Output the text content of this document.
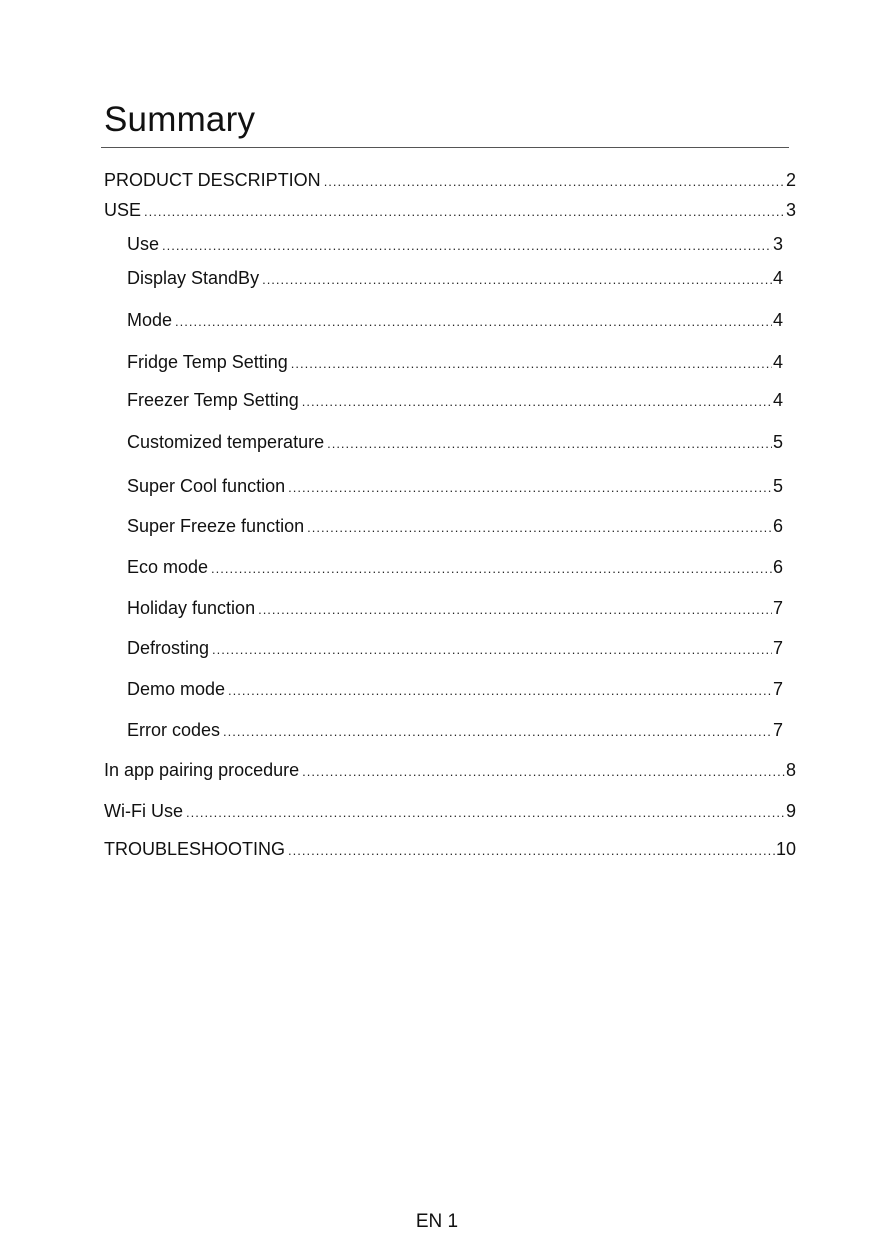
Summary
PRODUCT DESCRIPTION .....	2
USE .....	3
Use .....	3
Display StandBy .....	4
Mode .....	4
Fridge Temp Setting .....	4
Freezer Temp Setting .....	4
Customized temperature .....	5
Super Cool function .....	5
Super Freeze function .....	6
Eco mode .....	6
Holiday function .....	7
Defrosting .....	7
Demo mode .....	7
Error codes .....	7
In app pairing procedure .....	8
Wi-Fi Use .....	9
TROUBLESHOOTING .....	10
EN 1
